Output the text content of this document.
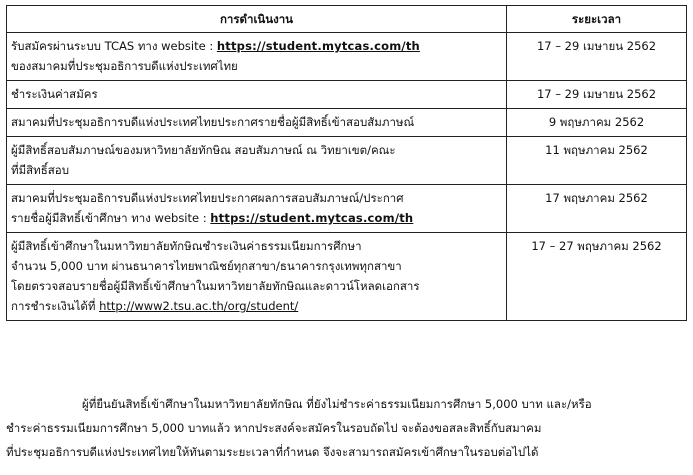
การดำเนินงาน	ระยะเวลา

รับสมัครผ่านระบบ TCAS ทาง website : https://student.mytcas.com/th
ของสมาคมที่ประชุมอธิการบดีแห่งประเทศไทย	17 – 29 เมษายน 2562

ชำระเงินค่าสมัคร	17 – 29 เมษายน 2562

สมาคมที่ประชุมอธิการบดีแห่งประเทศไทยประกาศรายชื่อผู้มีสิทธิ์เข้าสอบสัมภาษณ์	9 พฤษภาคม 2562

ผู้มีสิทธิ์สอบสัมภาษณ์ของมหาวิทยาลัยทักษิณ สอบสัมภาษณ์ ณ วิทยาเขต/คณะ
ที่มีสิทธิ์สอบ	11 พฤษภาคม 2562

สมาคมที่ประชุมอธิการบดีแห่งประเทศไทยประกาศผลการสอบสัมภาษณ์/ประกาศ
รายชื่อผู้มีสิทธิ์เข้าศึกษา ทาง website : https://student.mytcas.com/th	17 พฤษภาคม 2562

ผู้มีสิทธิ์เข้าศึกษาในมหาวิทยาลัยทักษิณชำระเงินค่าธรรมเนียมการศึกษา
จำนวน 5,000 บาท ผ่านธนาคารไทยพาณิชย์ทุกสาขา/ธนาคารกรุงเทพทุกสาขา
โดยตรวจสอบรายชื่อผู้มีสิทธิ์เข้าศึกษาในมหาวิทยาลัยทักษิณและดาวน์โหลดเอกสาร
การชำระเงินได้ที่ http://www2.tsu.ac.th/org/student/	17 – 27 พฤษภาคม 2562
ผู้ที่ยืนยันสิทธิ์เข้าศึกษาในมหาวิทยาลัยทักษิณ ที่ยังไม่ชำระค่าธรรมเนียมการศึกษา 5,000 บาท และ/หรือ
ชำระค่าธรรมเนียมการศึกษา 5,000 บาทแล้ว หากประสงค์จะสมัครในรอบถัดไป จะต้องขอสละสิทธิ์กับสมาคม
ที่ประชุมอธิการบดีแห่งประเทศไทยให้ทันตามระยะเวลาที่กำหนด จึงจะสามารถสมัครเข้าศึกษาในรอบต่อไปได้
